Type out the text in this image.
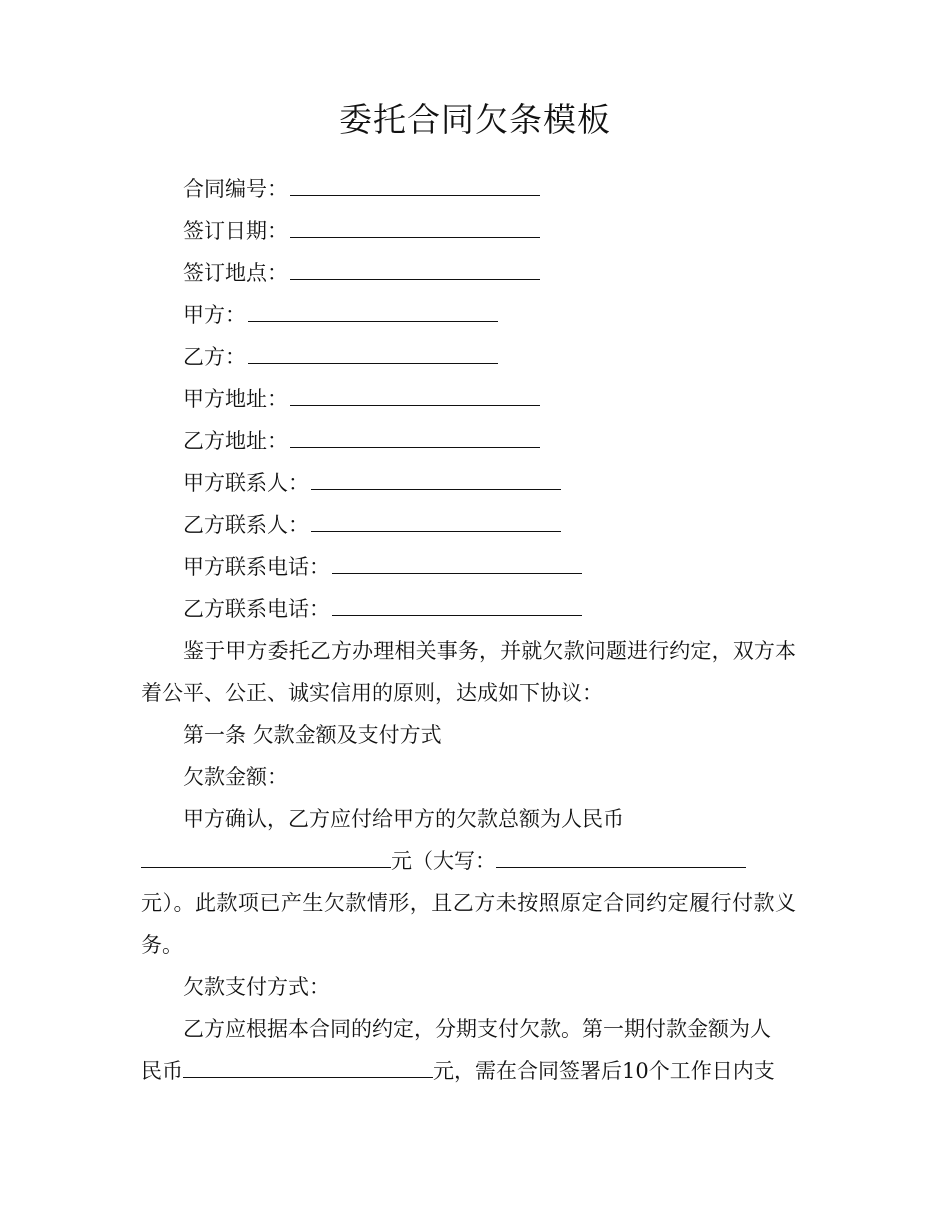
委托合同欠条模板
合同编号：
签订日期：
签订地点：
甲方：
乙方：
甲方地址：
乙方地址：
甲方联系人：
乙方联系人：
甲方联系电话：
乙方联系电话：
鉴于甲方委托乙方办理相关事务，并就欠款问题进行约定，双方本着公平、公正、诚实信用的原则，达成如下协议：
第一条 欠款金额及支付方式
欠款金额：
甲方确认，乙方应付给甲方的欠款总额为人民币
元（大写：
元）。此款项已产生欠款情形，且乙方未按照原定合同约定履行付款义务。
欠款支付方式：
乙方应根据本合同的约定，分期支付欠款。第一期付款金额为人
民币	元，需在合同签署后10个工作日内支
